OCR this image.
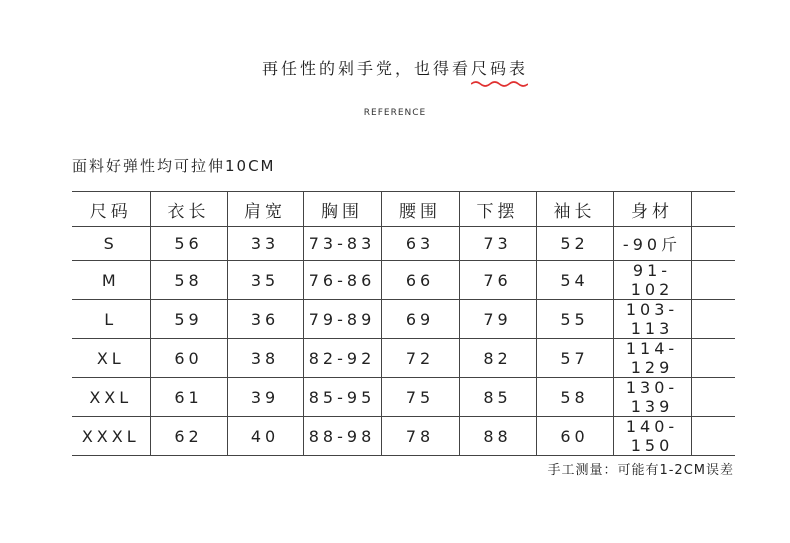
再任性的剁手党，也得看尺码表
REFERENCE
面料好弹性均可拉伸10CM
尺码	衣长	肩宽	胸围	腰围	下摆	袖长	身材	
S	56	33	73-83	63	73	52	-90斤	
M	58	35	76-86	66	76	54	91-102	
L	59	36	79-89	69	79	55	103-113	
XL	60	38	82-92	72	82	57	114-129	
XXL	61	39	85-95	75	85	58	130-139	
XXXL	62	40	88-98	78	88	60	140-150	
手工测量：可能有1-2CM误差
